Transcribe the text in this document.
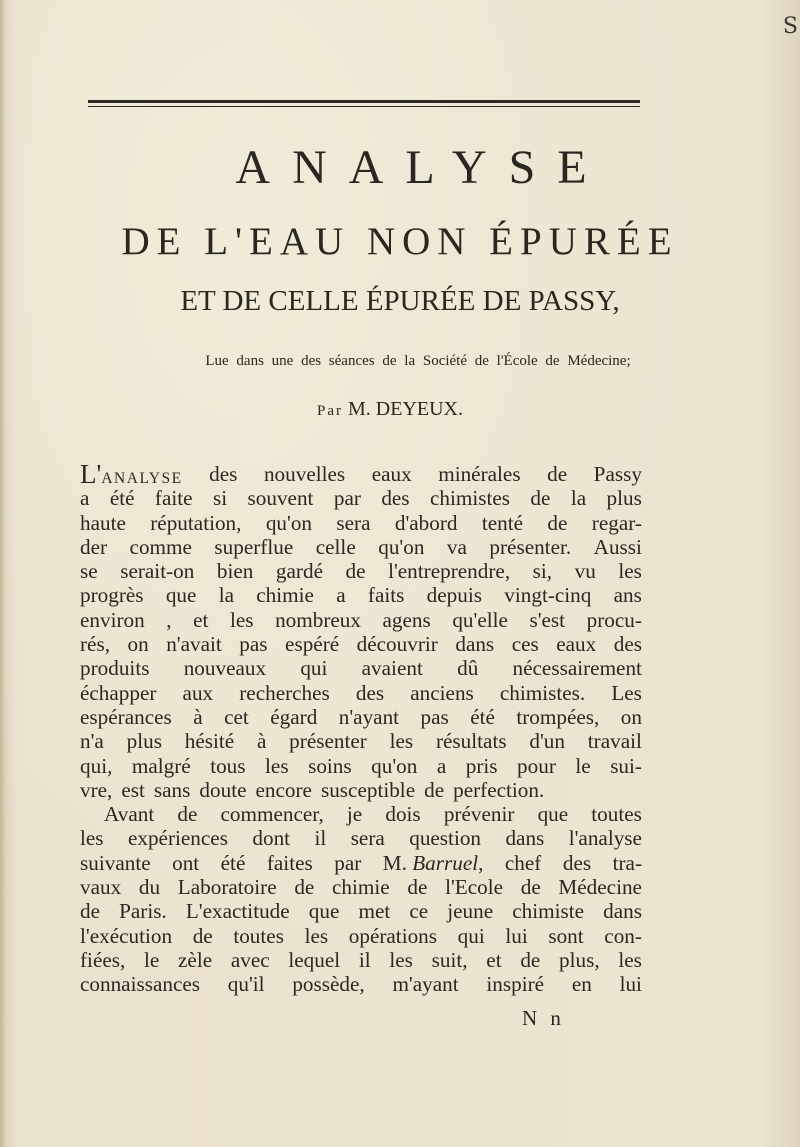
S
ANALYSE
DE L'EAU NON ÉPURÉE
ET DE CELLE ÉPURÉE DE PASSY,
Lue dans une des séances de la Société de l'École de Médecine;
Par M. DEYEUX.
L'ANALYSE des nouvelles eaux minérales de Passy
a été faite si souvent par des chimistes de la plus
haute réputation, qu'on sera d'abord tenté de regar-
der comme superflue celle qu'on va présenter. Aussi
se serait-on bien gardé de l'entreprendre, si, vu les
progrès que la chimie a faits depuis vingt-cinq ans
environ , et les nombreux agens qu'elle s'est procu-
rés, on n'avait pas espéré découvrir dans ces eaux des
produits nouveaux qui avaient dû nécessairement
échapper aux recherches des anciens chimistes. Les
espérances à cet égard n'ayant pas été trompées, on
n'a plus hésité à présenter les résultats d'un travail
qui, malgré tous les soins qu'on a pris pour le sui-
vre, est sans doute encore susceptible de perfection.
Avant de commencer, je dois prévenir que toutes
les expériences dont il sera question dans l'analyse
suivante ont été faites par M. Barruel, chef des tra-
vaux du Laboratoire de chimie de l'Ecole de Médecine
de Paris. L'exactitude que met ce jeune chimiste dans
l'exécution de toutes les opérations qui lui sont con-
fiées, le zèle avec lequel il les suit, et de plus, les
connaissances qu'il possède, m'ayant inspiré en lui
N n
